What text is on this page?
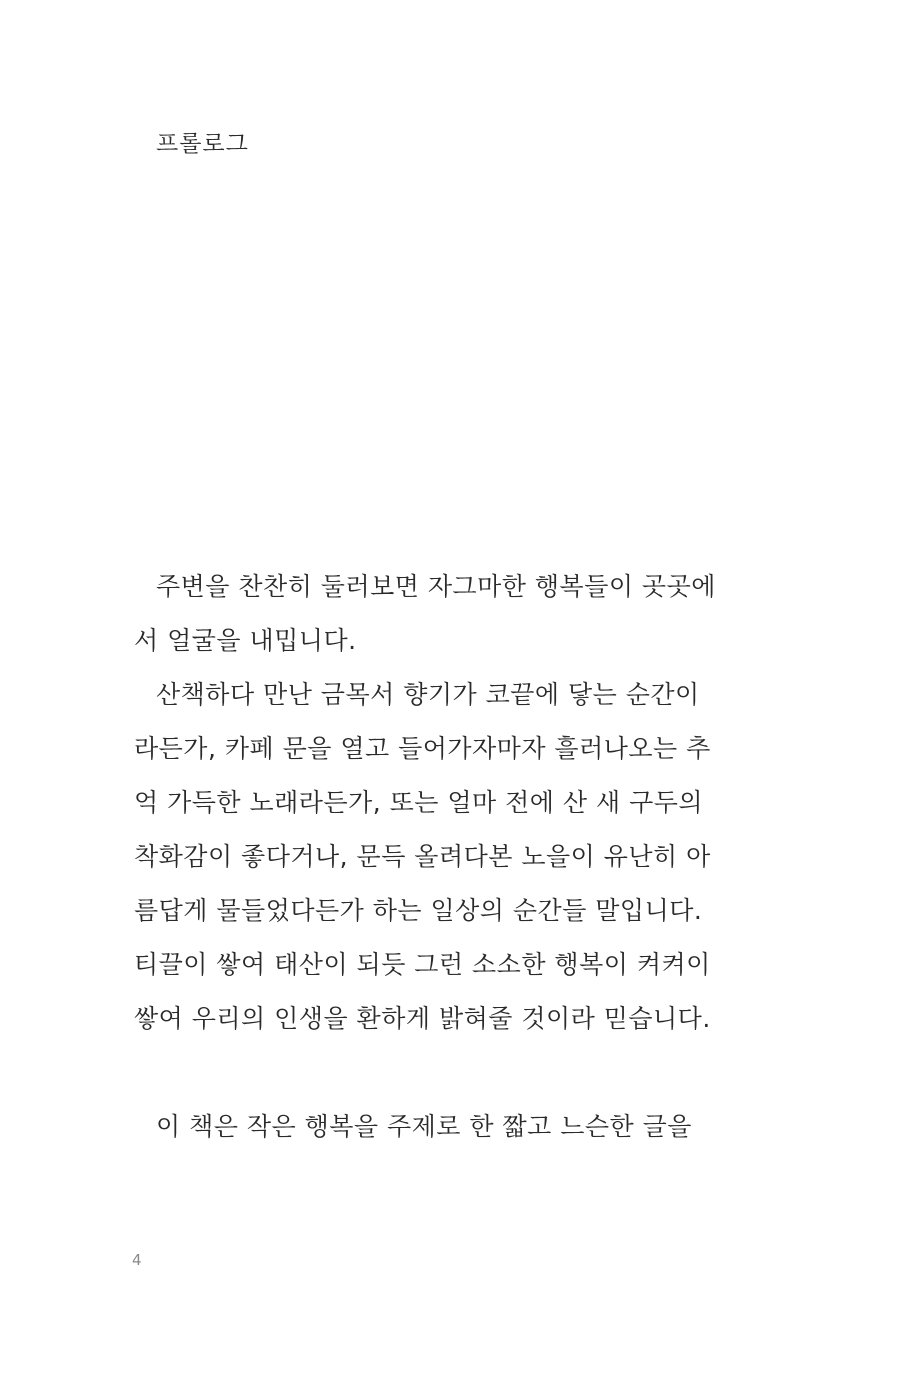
프롤로그
주변을 찬찬히 둘러보면 자그마한 행복들이 곳곳에
서 얼굴을 내밉니다.
산책하다 만난 금목서 향기가 코끝에 닿는 순간이
라든가, 카페 문을 열고 들어가자마자 흘러나오는 추
억 가득한 노래라든가, 또는 얼마 전에 산 새 구두의
착화감이 좋다거나, 문득 올려다본 노을이 유난히 아
름답게 물들었다든가 하는 일상의 순간들 말입니다.
티끌이 쌓여 태산이 되듯 그런 소소한 행복이 켜켜이
쌓여 우리의 인생을 환하게 밝혀줄 것이라 믿습니다.
이 책은 작은 행복을 주제로 한 짧고 느슨한 글을
4
